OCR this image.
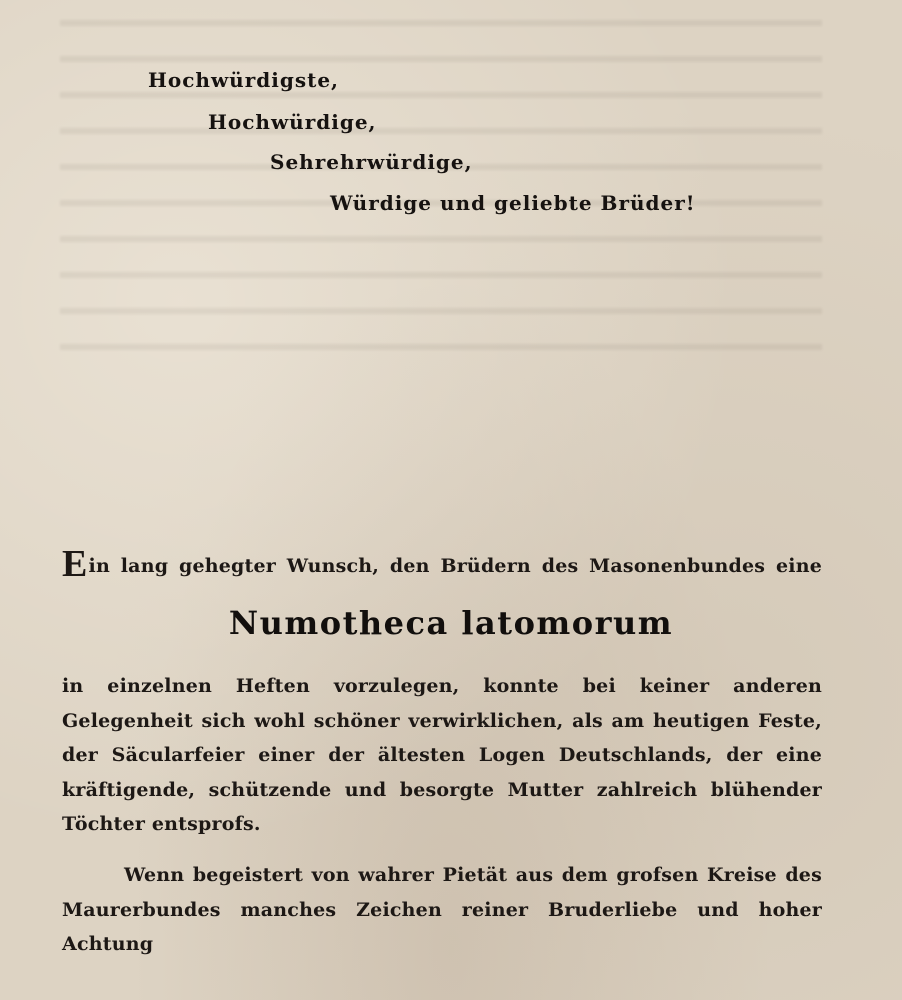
Hochwürdigste,
Hochwürdige,
Sehrehrwürdige,
Würdige und geliebte Brüder!
Ein lang gehegter Wunsch, den Brüdern des Masonenbundes eine
Numotheca latomorum
in einzelnen Heften vorzulegen, konnte bei keiner anderen Gelegenheit sich wohl schöner verwirklichen, als am heutigen Feste, der Säcularfeier einer der ältesten Logen Deutschlands, der eine kräftigende, schützende und besorgte Mutter zahlreich blühender Töchter entsprofs.
Wenn begeistert von wahrer Pietät aus dem grofsen Kreise des Maurerbundes manches Zeichen reiner Bruderliebe und hoher Achtung
